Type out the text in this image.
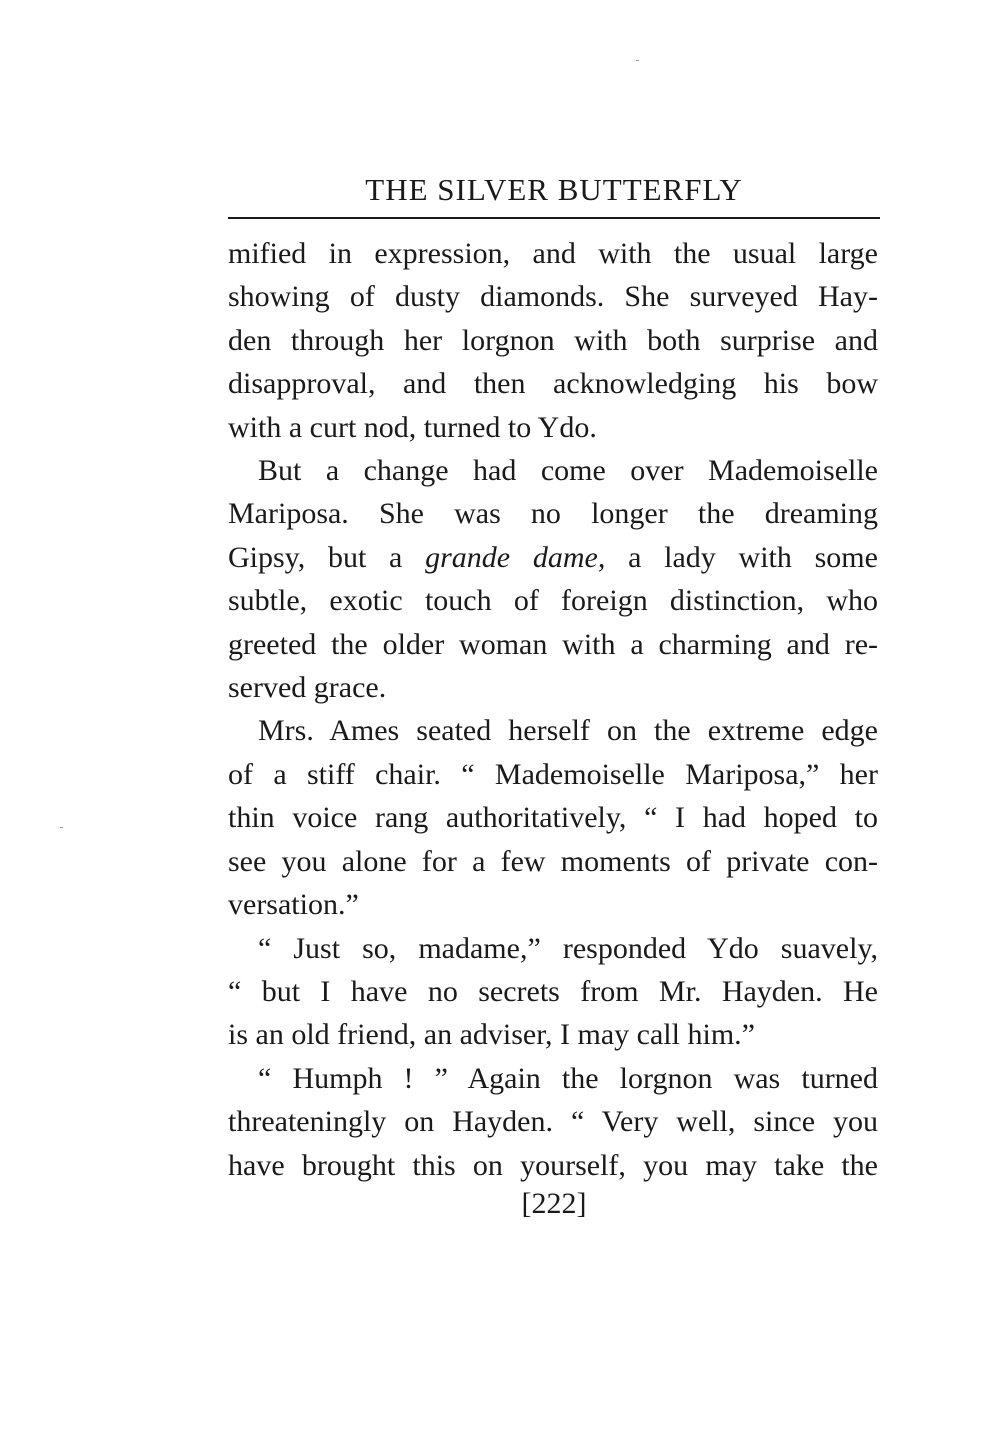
THE SILVER BUTTERFLY

mified in expression, and with the usual large
showing of dusty diamonds. She surveyed Hay-
den through her lorgnon with both surprise and
disapproval, and then acknowledging his bow
with a curt nod, turned to Ydo.

But a change had come over Mademoiselle
Mariposa. She was no longer the dreaming
Gipsy, but a grande dame, a lady with some
subtle, exotic touch of foreign distinction, who
greeted the older woman with a charming and re-
served grace.

Mrs. Ames seated herself on the extreme edge
of a stiff chair. “ Mademoiselle Mariposa,” her
thin voice rang authoritatively, “ I had hoped to
see you alone for a few moments of private con-
versation.”

“ Just so, madame,” responded Ydo suavely,
“ but I have no secrets from Mr. Hayden. He
is an old friend, an adviser, I may call him.”

“ Humph ! ” Again the lorgnon was turned
threateningly on Hayden. “ Very well, since you
have brought this on yourself, you may take the

[222]
